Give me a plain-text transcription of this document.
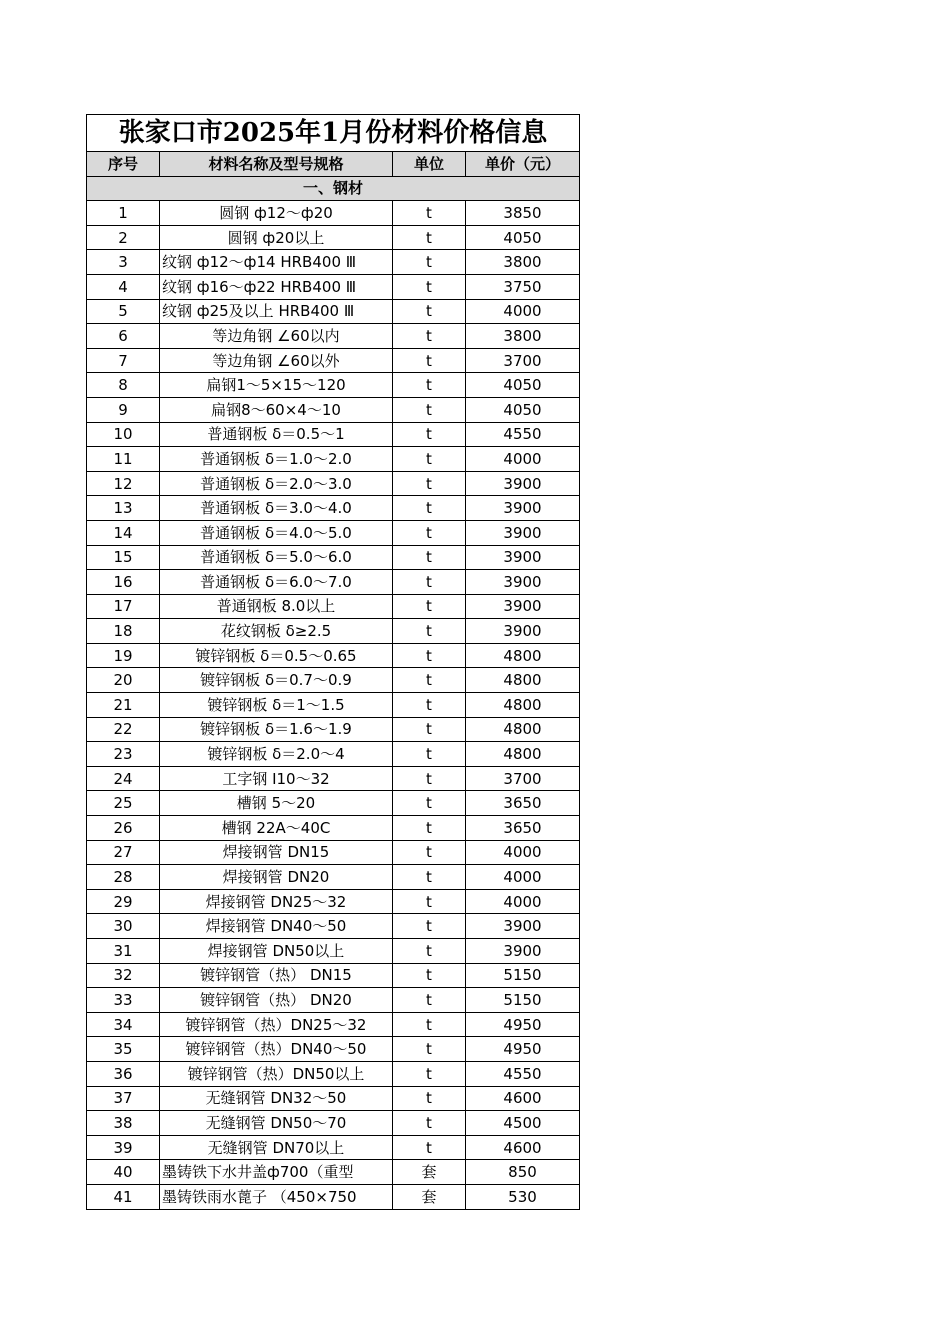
张家口市2025年1月份材料价格信息			
序号	材料名称及型号规格	单位	单价（元）
一、钢材			
1	圆钢 ф12～ф20	t	3850
2	圆钢 ф20以上	t	4050
3	纹钢 ф12～ф14 HRB400 Ⅲ	t	3800
4	纹钢 ф16～ф22 HRB400 Ⅲ	t	3750
5	纹钢 ф25及以上 HRB400 Ⅲ	t	4000
6	等边角钢 ∠60以内	t	3800
7	等边角钢 ∠60以外	t	3700
8	扁钢1～5×15～120	t	4050
9	扁钢8～60×4～10	t	4050
10	普通钢板 δ＝0.5～1	t	4550
11	普通钢板 δ＝1.0～2.0	t	4000
12	普通钢板 δ＝2.0～3.0	t	3900
13	普通钢板 δ＝3.0～4.0	t	3900
14	普通钢板 δ＝4.0～5.0	t	3900
15	普通钢板 δ＝5.0～6.0	t	3900
16	普通钢板 δ＝6.0～7.0	t	3900
17	普通钢板 8.0以上	t	3900
18	花纹钢板 δ≥2.5	t	3900
19	镀锌钢板 δ＝0.5～0.65	t	4800
20	镀锌钢板 δ＝0.7～0.9	t	4800
21	镀锌钢板 δ＝1～1.5	t	4800
22	镀锌钢板 δ＝1.6～1.9	t	4800
23	镀锌钢板 δ＝2.0～4	t	4800
24	工字钢 Ⅰ10～32	t	3700
25	槽钢 5～20	t	3650
26	槽钢 22A～40C	t	3650
27	焊接钢管 DN15	t	4000
28	焊接钢管 DN20	t	4000
29	焊接钢管 DN25～32	t	4000
30	焊接钢管 DN40～50	t	3900
31	焊接钢管 DN50以上	t	3900
32	镀锌钢管（热） DN15	t	5150
33	镀锌钢管（热） DN20	t	5150
34	镀锌钢管（热）DN25～32	t	4950
35	镀锌钢管（热）DN40～50	t	4950
36	镀锌钢管（热）DN50以上	t	4550
37	无缝钢管 DN32～50	t	4600
38	无缝钢管 DN50～70	t	4500
39	无缝钢管 DN70以上	t	4600
40	墨铸铁下水井盖ф700（重型	套	850
41	墨铸铁雨水蓖子 （450×750	套	530
